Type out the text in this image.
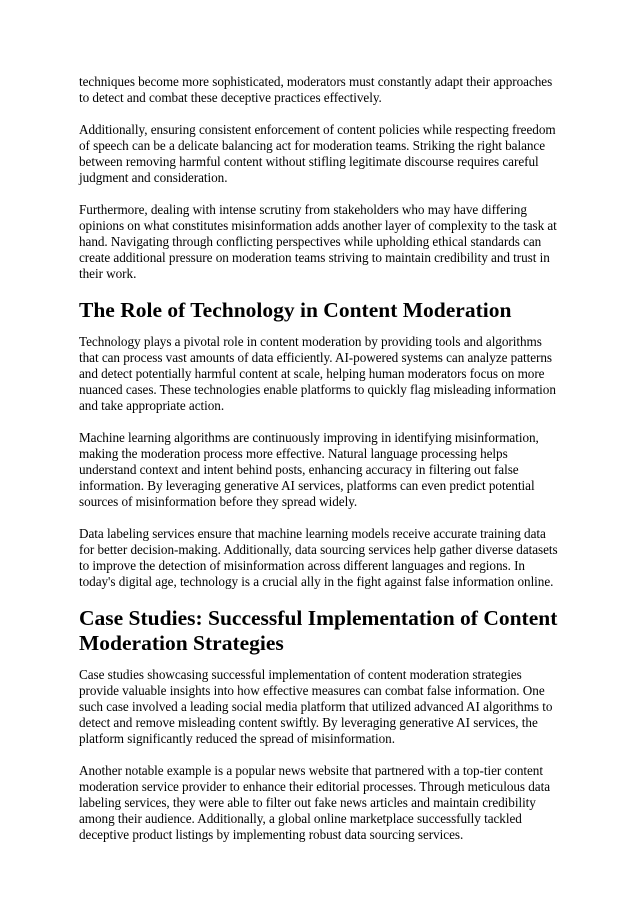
techniques become more sophisticated, moderators must constantly adapt their approaches to detect and combat these deceptive practices effectively.

Additionally, ensuring consistent enforcement of content policies while respecting freedom of speech can be a delicate balancing act for moderation teams. Striking the right balance between removing harmful content without stifling legitimate discourse requires careful judgment and consideration.

Furthermore, dealing with intense scrutiny from stakeholders who may have differing opinions on what constitutes misinformation adds another layer of complexity to the task at hand. Navigating through conflicting perspectives while upholding ethical standards can create additional pressure on moderation teams striving to maintain credibility and trust in their work.

The Role of Technology in Content Moderation

Technology plays a pivotal role in content moderation by providing tools and algorithms that can process vast amounts of data efficiently. AI-powered systems can analyze patterns and detect potentially harmful content at scale, helping human moderators focus on more nuanced cases. These technologies enable platforms to quickly flag misleading information and take appropriate action.

Machine learning algorithms are continuously improving in identifying misinformation, making the moderation process more effective. Natural language processing helps understand context and intent behind posts, enhancing accuracy in filtering out false information. By leveraging generative AI services, platforms can even predict potential sources of misinformation before they spread widely.

Data labeling services ensure that machine learning models receive accurate training data for better decision-making. Additionally, data sourcing services help gather diverse datasets to improve the detection of misinformation across different languages and regions. In today's digital age, technology is a crucial ally in the fight against false information online.

Case Studies: Successful Implementation of Content Moderation Strategies

Case studies showcasing successful implementation of content moderation strategies provide valuable insights into how effective measures can combat false information. One such case involved a leading social media platform that utilized advanced AI algorithms to detect and remove misleading content swiftly. By leveraging generative AI services, the platform significantly reduced the spread of misinformation.

Another notable example is a popular news website that partnered with a top-tier content moderation service provider to enhance their editorial processes. Through meticulous data labeling services, they were able to filter out fake news articles and maintain credibility among their audience. Additionally, a global online marketplace successfully tackled deceptive product listings by implementing robust data sourcing services.
